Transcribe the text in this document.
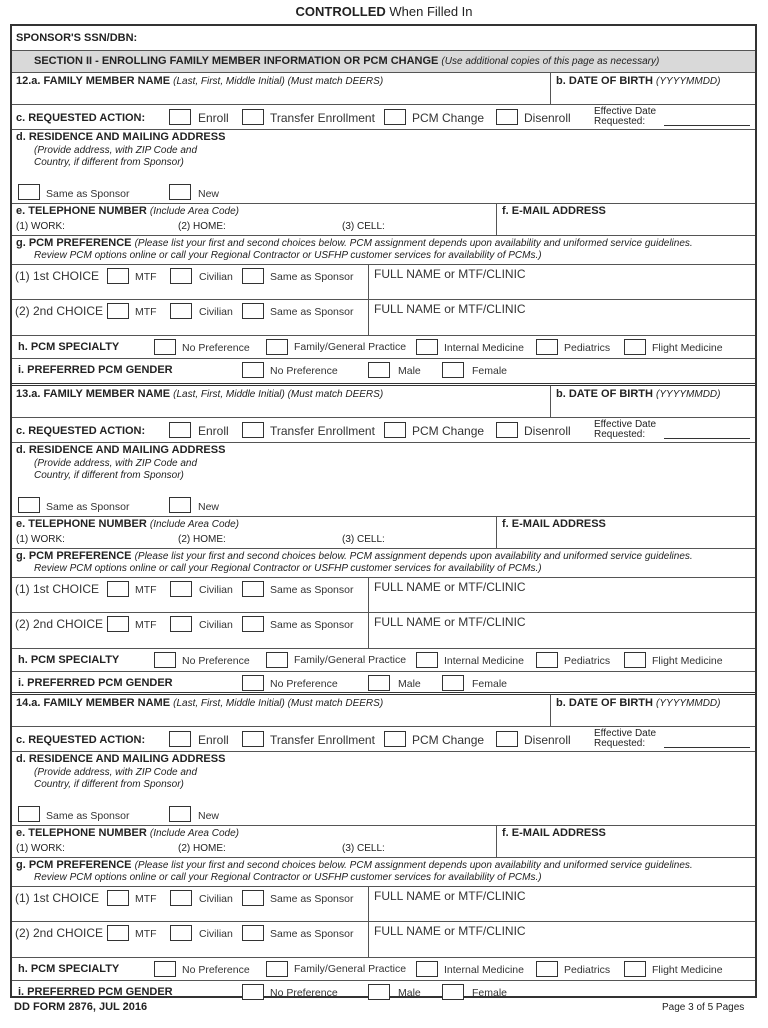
CONTROLLED When Filled In
SPONSOR'S SSN/DBN:
SECTION II - ENROLLING FAMILY MEMBER INFORMATION OR PCM CHANGE (Use additional copies of this page as necessary)
12.a. FAMILY MEMBER NAME (Last, First, Middle Initial) (Must match DEERS)	b. DATE OF BIRTH (YYYYMMDD)
c. REQUESTED ACTION:	Enroll	Transfer Enrollment	PCM Change	Disenroll Effective Date
Requested:
d. RESIDENCE AND MAILING ADDRESS
(Provide address, with ZIP Code and
Country, if different from Sponsor)
Same as Sponsor	New
e. TELEPHONE NUMBER (Include Area Code)
(1) WORK:	(2) HOME:	(3) CELL:
f. E-MAIL ADDRESS
g. PCM PREFERENCE (Please list your first and second choices below. PCM assignment depends upon availability and uniformed service guidelines.
Review PCM options online or call your Regional Contractor or USFHP customer services for availability of PCMs.)
(1) 1st CHOICE	MTF	Civilian	Same as Sponsor FULL NAME or MTF/CLINIC
(2) 2nd CHOICE	MTF	Civilian	Same as Sponsor FULL NAME or MTF/CLINIC
h. PCM SPECIALTY	No Preference	Family/General Practice	Internal Medicine	Pediatrics	Flight Medicine
i. PREFERRED PCM GENDER	No Preference	Male	Female
13.a. FAMILY MEMBER NAME (Last, First, Middle Initial) (Must match DEERS)	b. DATE OF BIRTH (YYYYMMDD)
c. REQUESTED ACTION:	Enroll	Transfer Enrollment	PCM Change	Disenroll Effective Date
Requested:
d. RESIDENCE AND MAILING ADDRESS
(Provide address, with ZIP Code and
Country, if different from Sponsor)
Same as Sponsor	New
e. TELEPHONE NUMBER (Include Area Code)
(1) WORK:	(2) HOME:	(3) CELL:
f. E-MAIL ADDRESS
g. PCM PREFERENCE (Please list your first and second choices below. PCM assignment depends upon availability and uniformed service guidelines.
Review PCM options online or call your Regional Contractor or USFHP customer services for availability of PCMs.)
(1) 1st CHOICE	MTF	Civilian	Same as Sponsor FULL NAME or MTF/CLINIC
(2) 2nd CHOICE	MTF	Civilian	Same as Sponsor FULL NAME or MTF/CLINIC
h. PCM SPECIALTY	No Preference	Family/General Practice	Internal Medicine	Pediatrics	Flight Medicine
i. PREFERRED PCM GENDER	No Preference	Male	Female
14.a. FAMILY MEMBER NAME (Last, First, Middle Initial) (Must match DEERS)	b. DATE OF BIRTH (YYYYMMDD)
c. REQUESTED ACTION:	Enroll	Transfer Enrollment	PCM Change	Disenroll Effective Date
Requested:
d. RESIDENCE AND MAILING ADDRESS
(Provide address, with ZIP Code and
Country, if different from Sponsor)
Same as Sponsor	New
e. TELEPHONE NUMBER (Include Area Code)
(1) WORK:	(2) HOME:	(3) CELL:
f. E-MAIL ADDRESS
g. PCM PREFERENCE (Please list your first and second choices below. PCM assignment depends upon availability and uniformed service guidelines.
Review PCM options online or call your Regional Contractor or USFHP customer services for availability of PCMs.)
(1) 1st CHOICE	MTF	Civilian	Same as Sponsor FULL NAME or MTF/CLINIC
(2) 2nd CHOICE	MTF	Civilian	Same as Sponsor FULL NAME or MTF/CLINIC
h. PCM SPECIALTY	No Preference	Family/General Practice	Internal Medicine	Pediatrics	Flight Medicine
i. PREFERRED PCM GENDER	No Preference	Male	Female
DD FORM 2876, JUL 2016	Page 3 of 5 Pages
